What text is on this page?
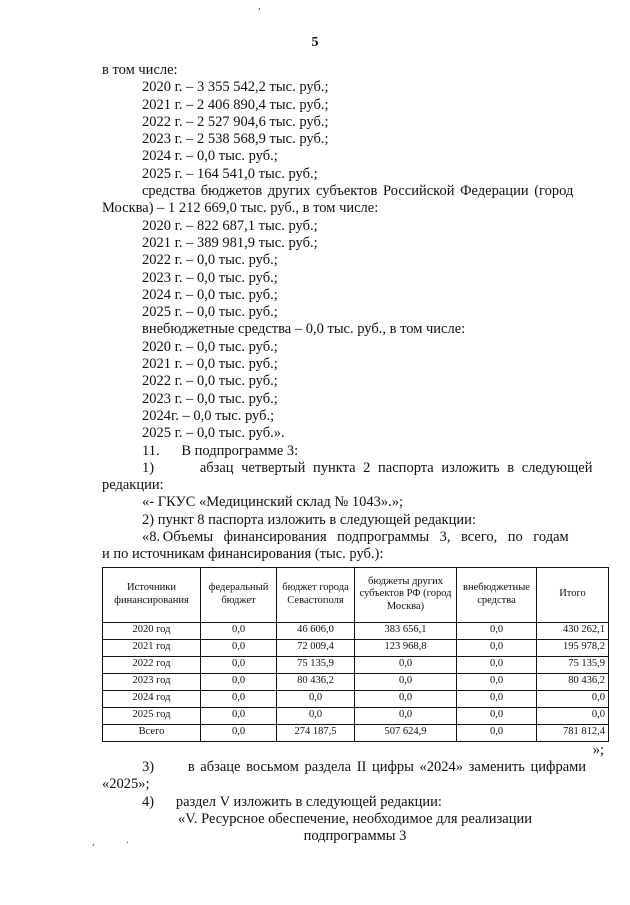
,
5
в том числе:
2020 г. – 3 355 542,2 тыс. руб.;
2021 г. – 2 406 890,4 тыс. руб.;
2022 г. – 2 527 904,6 тыс. руб.;
2023 г. – 2 538 568,9 тыс. руб.;
2024 г. – 0,0 тыс. руб.;
2025 г. – 164 541,0 тыс. руб.;
средства бюджетов других субъектов Российской Федерации (город
Москва) – 1 212 669,0 тыс. руб., в том числе:
2020 г. – 822 687,1 тыс. руб.;
2021 г. – 389 981,9 тыс. руб.;
2022 г. – 0,0 тыс. руб.;
2023 г. – 0,0 тыс. руб.;
2024 г. – 0,0 тыс. руб.;
2025 г. – 0,0 тыс. руб.;
внебюджетные средства – 0,0 тыс. руб., в том числе:
2020 г. – 0,0 тыс. руб.;
2021 г. – 0,0 тыс. руб.;
2022 г. – 0,0 тыс. руб.;
2023 г. – 0,0 тыс. руб.;
2024г. – 0,0 тыс. руб.;
2025 г. – 0,0 тыс. руб.».
11.      В подпрограмме 3:
1)      абзац четвертый пункта 2 паспорта изложить в следующей
редакции:
«- ГКУС «Медицинский склад № 1043».»;
2) пункт 8 паспорта изложить в следующей редакции:
«8. Объемы    финансирования    подпрограммы    3,    всего,    по    годам
и по источникам финансирования (тыс. руб.):
Источники финансирования	федеральный бюджет	бюджет города Севастополя	бюджеты других субъектов РФ (город Москва)	внебюджетные средства	Итого
2020 год	0,0	46 606,0	383 656,1	0,0	430 262,1
2021 год	0,0	72 009,4	123 968,8	0,0	195 978,2
2022 год	0,0	75 135,9	0,0	0,0	75 135,9
2023 год	0,0	80 436,2	0,0	0,0	80 436,2
2024 год	0,0	0,0	0,0	0,0	0,0
2025 год	0,0	0,0	0,0	0,0	0,0
Всего	0,0	274 187,5	507 624,9	0,0	781 812,4
»;
3)      в абзаце восьмом раздела II цифры «2024» заменить цифрами
«2025»;
4)      раздел V изложить в следующей редакции:
«V. Ресурсное обеспечение, необходимое для реализации
подпрограммы 3
,	.
